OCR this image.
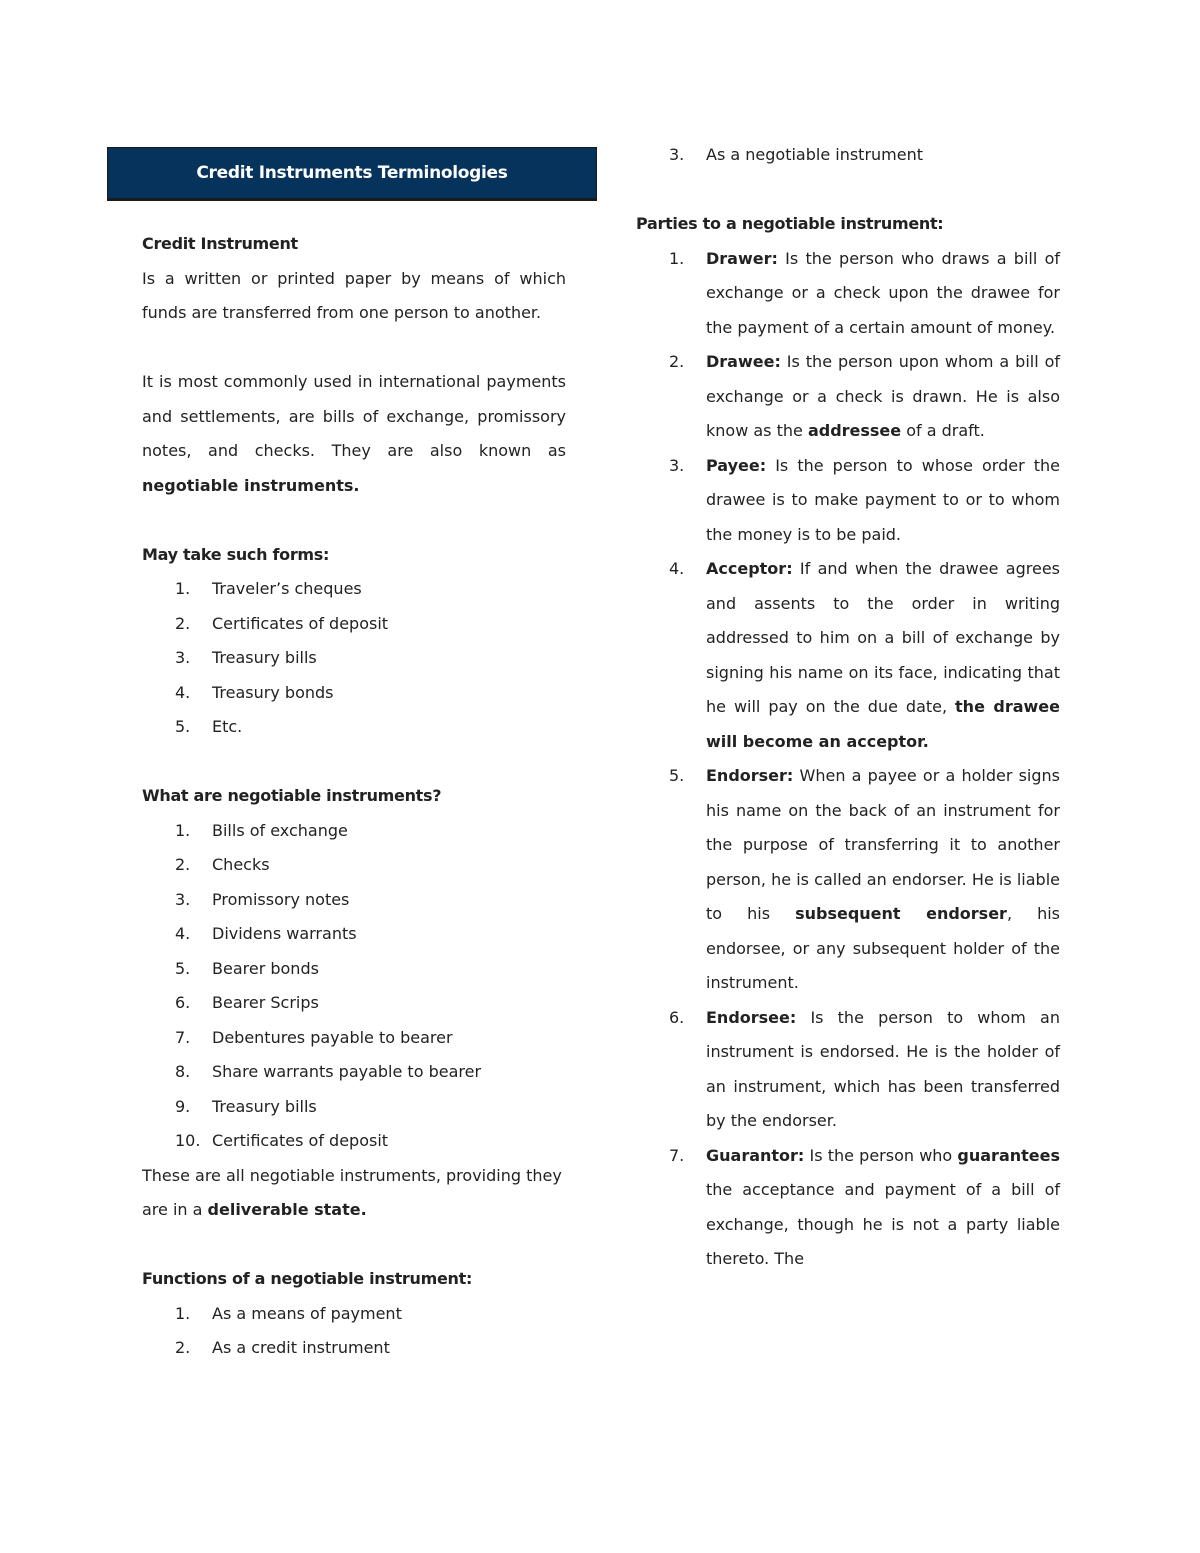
Credit Instruments Terminologies

Credit Instrument

Is a written or printed paper by means of which funds are transferred from one person to another.

It is most commonly used in international payments and settlements, are bills of exchange, promissory notes, and checks. They are also known as negotiable instruments.

May take such forms:

1. Traveler’s cheques
2. Certificates of deposit
3. Treasury bills
4. Treasury bonds
5. Etc.

What are negotiable instruments?

1. Bills of exchange
2. Checks
3. Promissory notes
4. Dividens warrants
5. Bearer bonds
6. Bearer Scrips
7. Debentures payable to bearer
8. Share warrants payable to bearer
9. Treasury bills
10. Certificates of deposit

These are all negotiable instruments, providing they are in a deliverable state.

Functions of a negotiable instrument:

1. As a means of payment
2. As a credit instrument
3. As a negotiable instrument

Parties to a negotiable instrument:

1. Drawer: Is the person who draws a bill of exchange or a check upon the drawee for the payment of a certain amount of money.
2. Drawee: Is the person upon whom a bill of exchange or a check is drawn. He is also know as the addressee of a draft.
3. Payee: Is the person to whose order the drawee is to make payment to or to whom the money is to be paid.
4. Acceptor: If and when the drawee agrees and assents to the order in writing addressed to him on a bill of exchange by signing his name on its face, indicating that he will pay on the due date, the drawee will become an acceptor.
5. Endorser: When a payee or a holder signs his name on the back of an instrument for the purpose of transferring it to another person, he is called an endorser. He is liable to his subsequent endorser, his endorsee, or any subsequent holder of the instrument.
6. Endorsee: Is the person to whom an instrument is endorsed. He is the holder of an instrument, which has been transferred by the endorser.
7. Guarantor: Is the person who guarantees the acceptance and payment of a bill of exchange, though he is not a party liable thereto. The
